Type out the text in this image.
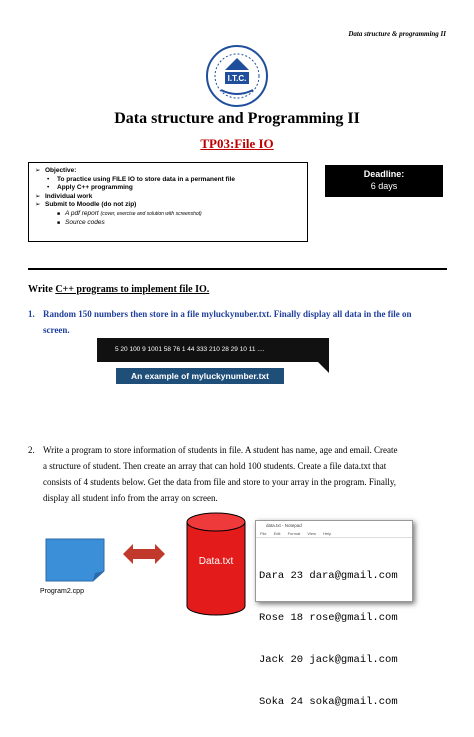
Data structure & programming II
I.T.C.
Data structure and Programming II
TP03:File IO
➢ Objective:
•	To practice using FILE IO to store data in a permanent file
•	Apply C++ programming
➢ Individual work
➢ Submit to Moodle (do not zip)
■ A pdf report
(cover, exercise and solution with screenshot)
■ Source codes
Deadline:
6 days
Write C++ programs to implement file IO.
1. Random 150 numbers then store in a file myluckynuber.txt. Finally display all data in the file on
screen.
5 20 100 9 1001 58 76 1 44 333 210 28 29 10 11 ....
An example of myluckynumber.txt
2. Write a program to store information of students in file. A student has name, age and email. Create
a structure of student. Then create an array that can hold 100 students. Create a file data.txt that
consists of 4 students below. Get the data from file and store to your array in the program. Finally,
display all student info from the array on screen.
Program2.cpp
Data.txt
data.txt - Notepad
File Edit Format View Help

Dara 23 dara@gmail.com

Rose 18 rose@gmail.com

Jack 20 jack@gmail.com

Soka 24 soka@gmail.com
